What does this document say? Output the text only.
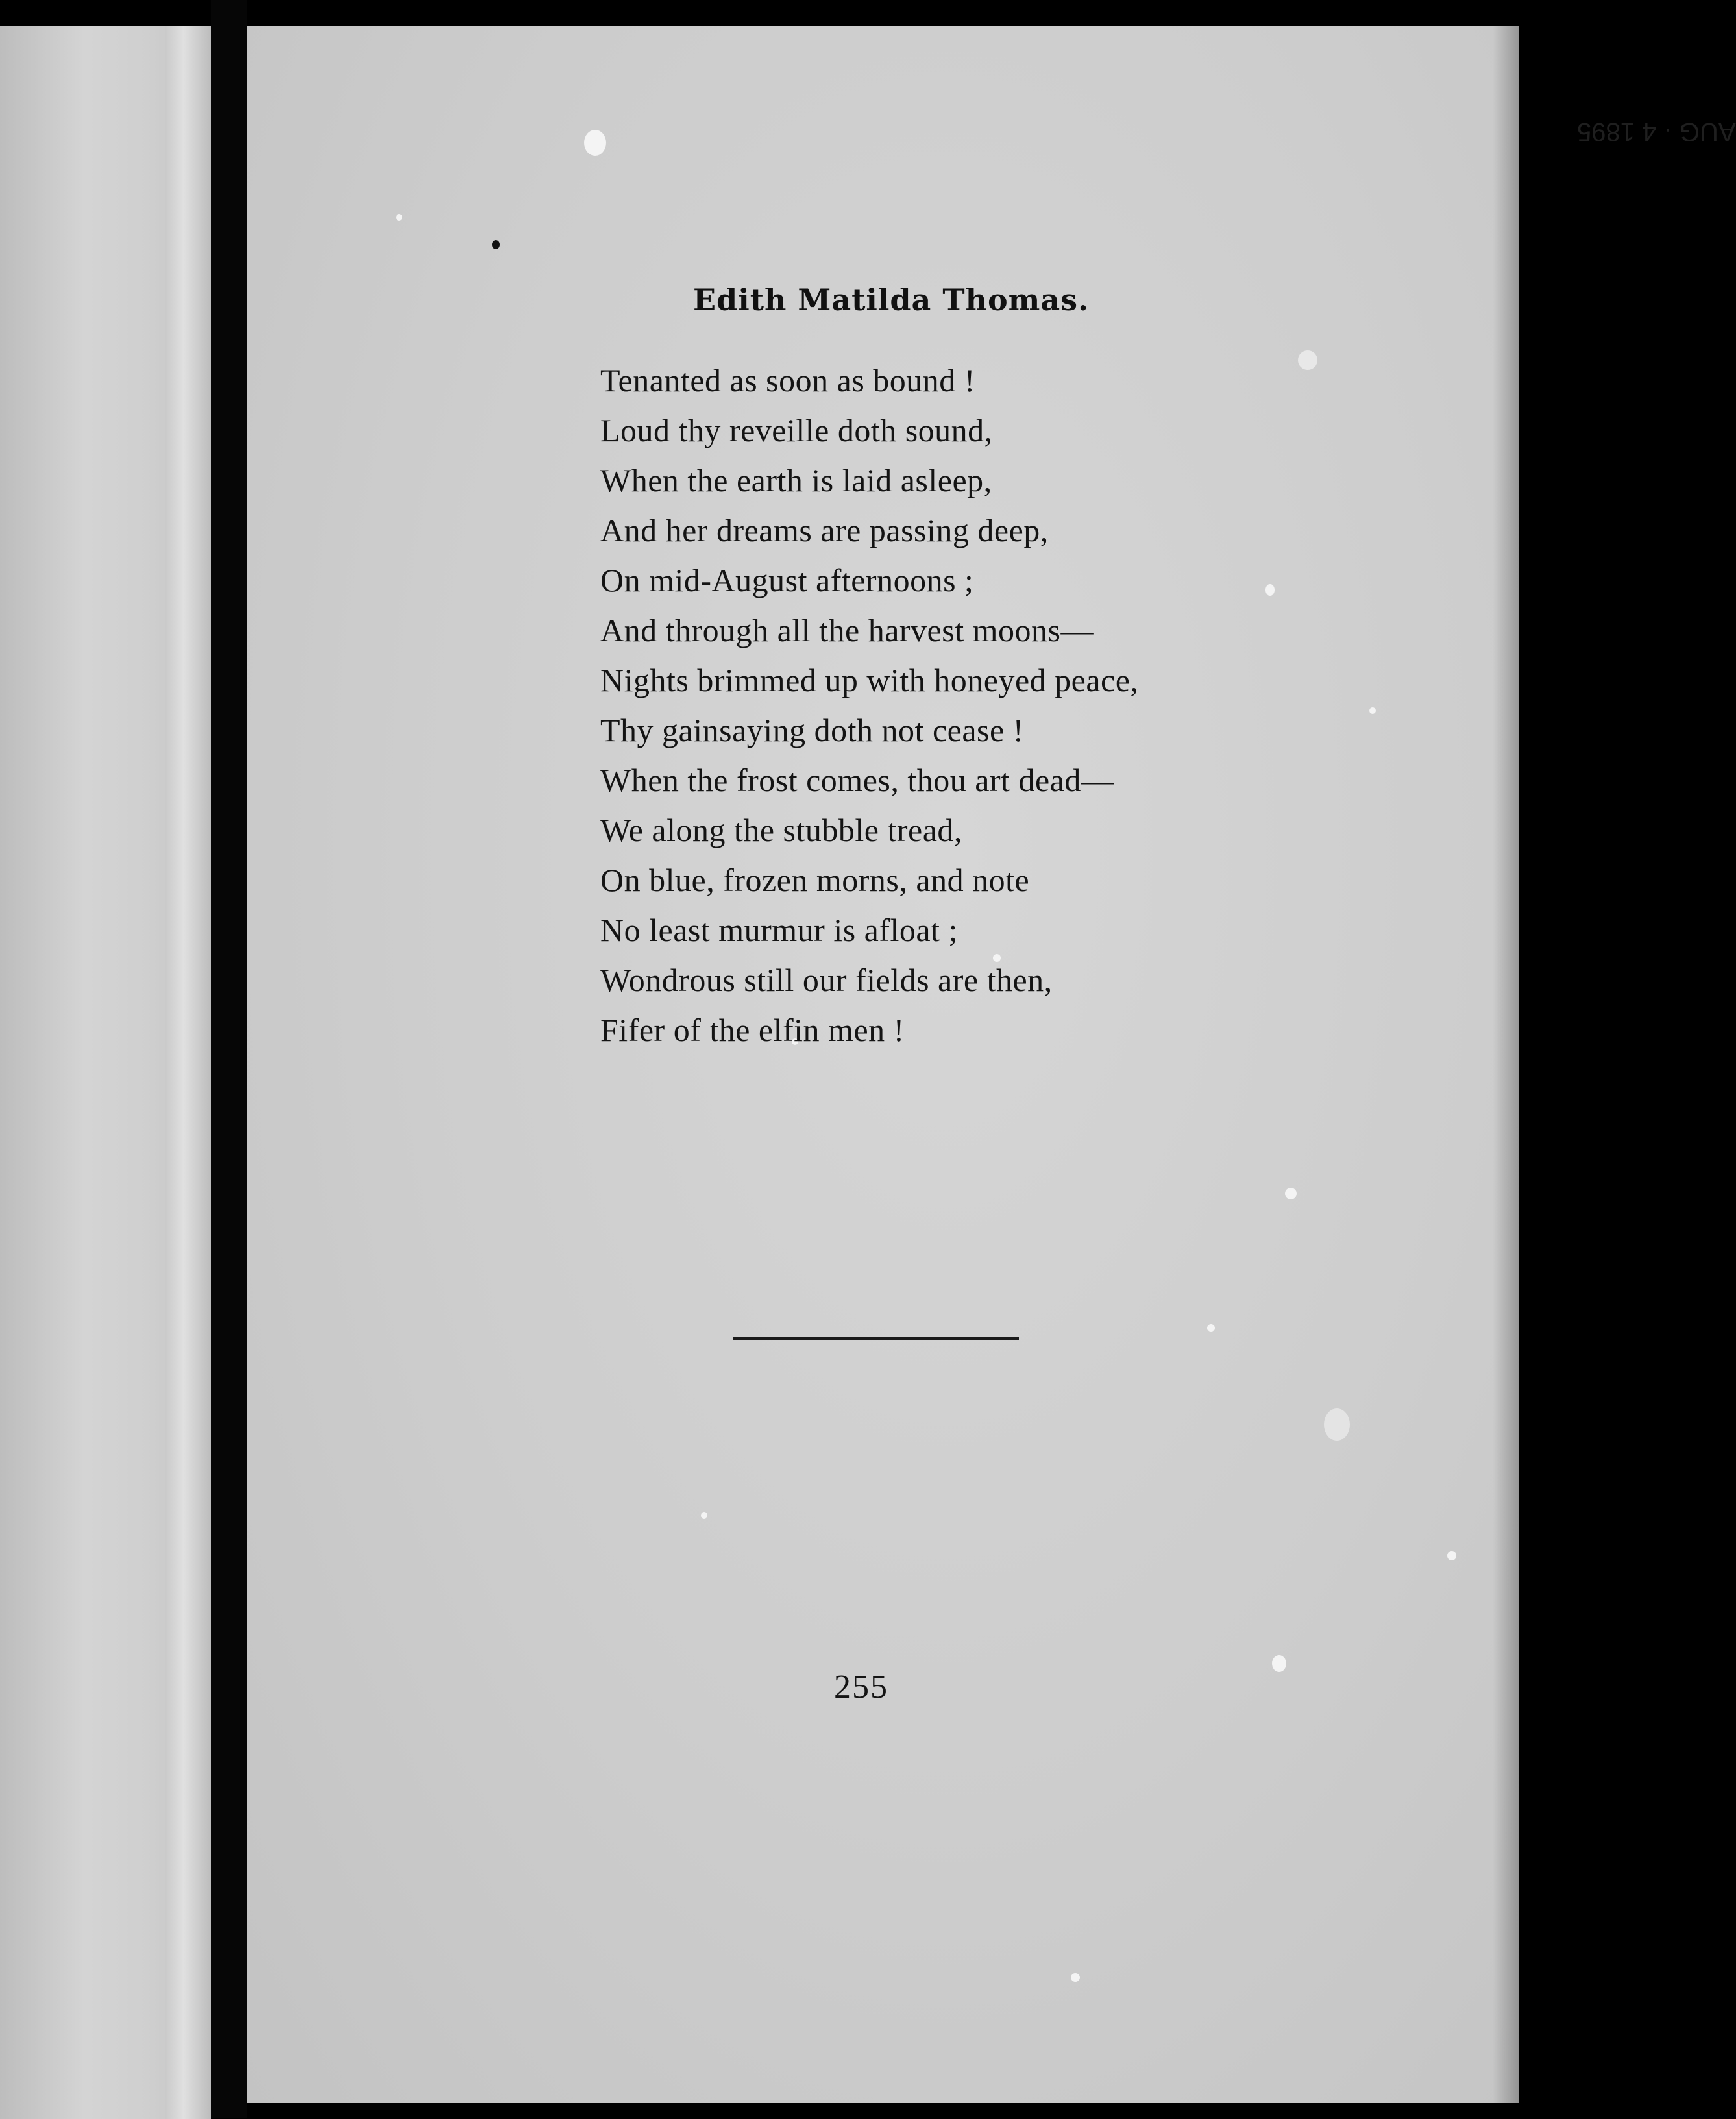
AUG · 4 1895
Edith Matilda Thomas.
Tenanted as soon as bound !
Loud thy reveille doth sound,
When the earth is laid asleep,
And her dreams are passing deep,
On mid-August afternoons ;
And through all the harvest moons—
Nights brimmed up with honeyed peace,
Thy gainsaying doth not cease !
When the frost comes, thou art dead—
We along the stubble tread,
On blue, frozen morns, and note
No least murmur is afloat ;
Wondrous still our fields are then,
Fifer of the elfin men !
255
